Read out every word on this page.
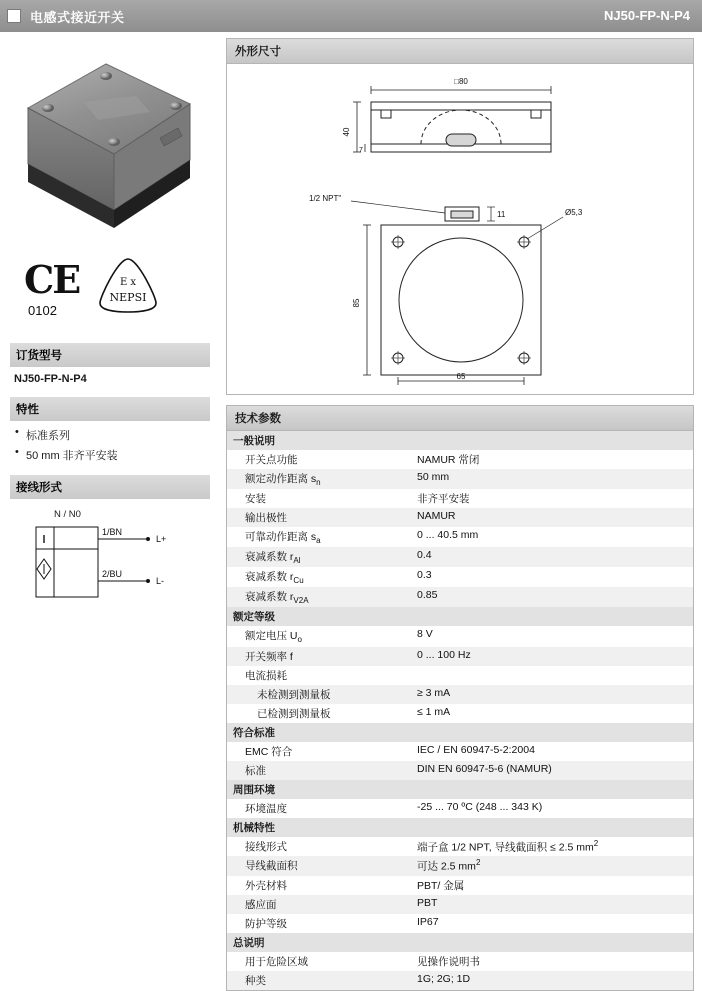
电感式接近开关	NJ50-FP-N-P4
CE
0102
E x
NEPSI
订货型号
NJ50-FP-N-P4
特性
• 标准系列
• 50 mm 非齐平安装
接线形式
N / N0
1/BN
2/BU
L+
L-
外形尺寸
□80
40
7

1/2 NPT"
11	Ø5,3
85
65
技术参数
一般说明	
开关点功能	NAMUR 常闭
额定动作距离 $s_n$	50 mm
安装	非齐平安装
输出极性	NAMUR
可靠动作距离 $s_a$	0 ... 40.5 mm
衰减系数 $r_{Al}$	0.4
衰减系数 $r_{Cu}$	0.3
衰减系数 $r_{V2A}$	0.85
额定等级	
额定电压 $U_o$	8 V
开关频率 f	0 ... 100 Hz
电流损耗	
未检测到测量板	≥ 3 mA
已检测到测量板	≤ 1 mA
符合标准	
EMC 符合	IEC / EN 60947-5-2:2004
标准	DIN EN 60947-5-6 (NAMUR)
周围环境	
环境温度	-25 ... 70 ºC (248 ... 343 K)
机械特性	
接线形式	端子盒 1/2 NPT, 导线截面积 ≤ 2.5 $mm^2$
导线截面积	可达 2.5 $mm^2$
外壳材料	PBT/ 金属
感应面	PBT
防护等级	IP67
总说明	
用于危险区域	见操作说明书
种类	1G; 2G; 1D
